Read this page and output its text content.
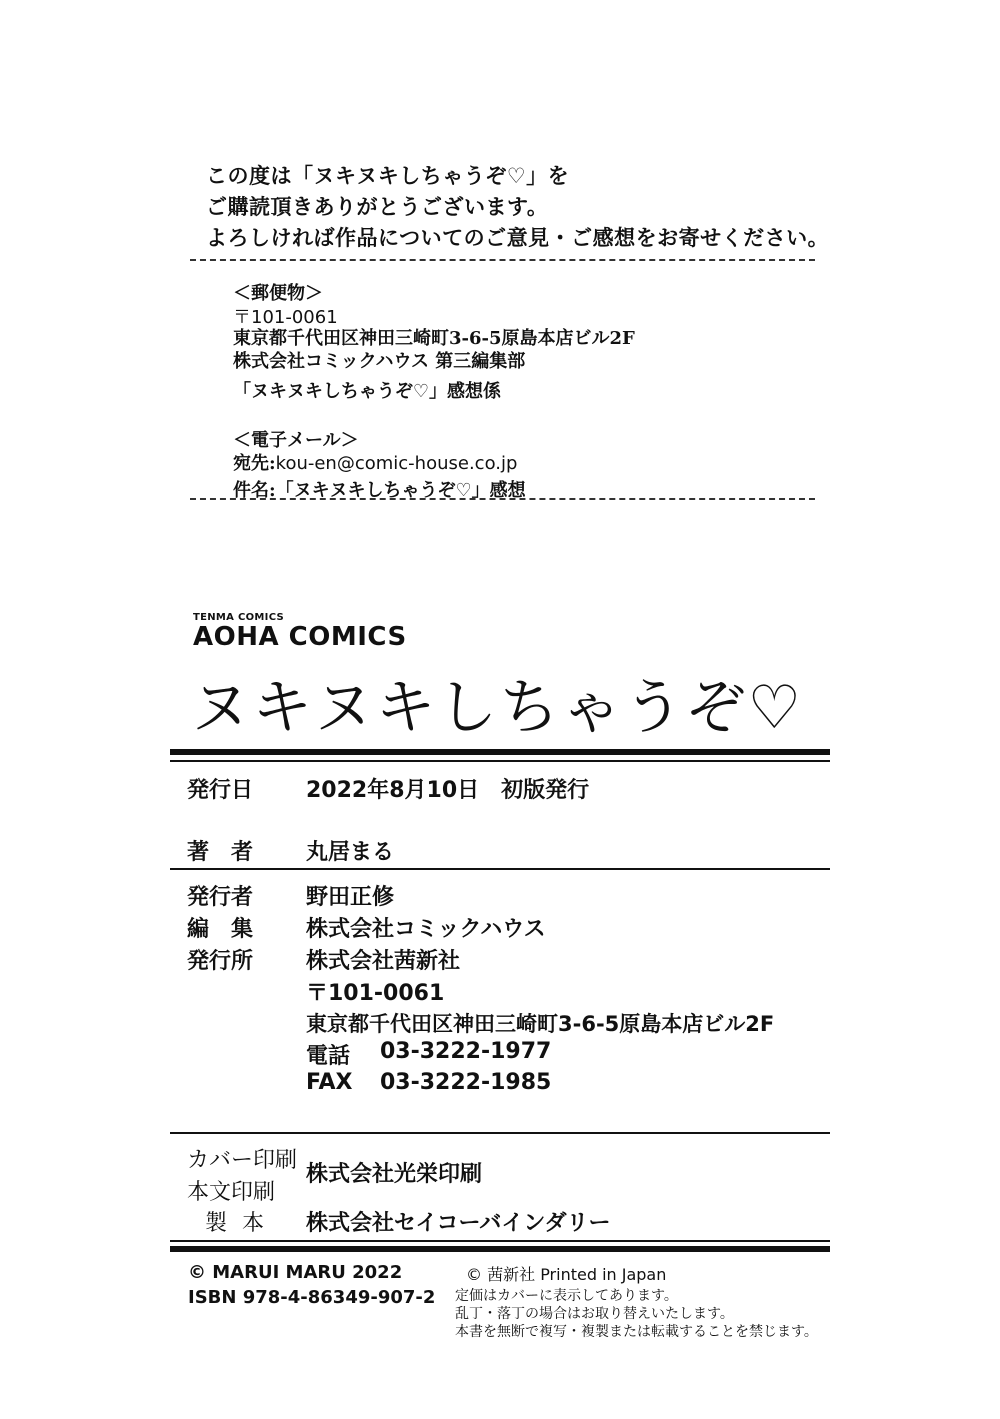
この度は「ヌキヌキしちゃうぞ♡」を
ご購読頂きありがとうございます。
よろしければ作品についてのご意見・ご感想をお寄せください。
＜郵便物＞
〒101-0061
東京都千代田区神田三崎町3-6-5原島本店ビル2F
株式会社コミックハウス 第三編集部
「ヌキヌキしちゃうぞ♡」感想係
＜電子メール＞
宛先:kou-en@comic-house.co.jp
件名:「ヌキヌキしちゃうぞ♡」感想
TENMA COMICS
AOHA COMICS
ヌキヌキしちゃうぞ♡
発行日 2022年8月10日　初版発行
著　者 丸居まる
発行者 野田正修
編　集 株式会社コミックハウス
発行所 株式会社茜新社
〒101-0061
東京都千代田区神田三崎町3-6-5原島本店ビル2F
電話 03-3222-1977
FAX 03-3222-1985
カバー印刷
本文印刷
株式会社光栄印刷
製 本 株式会社セイコーバインダリー
© MARUI MARU 2022
ISBN 978-4-86349-907-2
© 茜新社 Printed in Japan
定価はカバーに表示してあります。
乱丁・落丁の場合はお取り替えいたします。
本書を無断で複写・複製または転載することを禁じます。
